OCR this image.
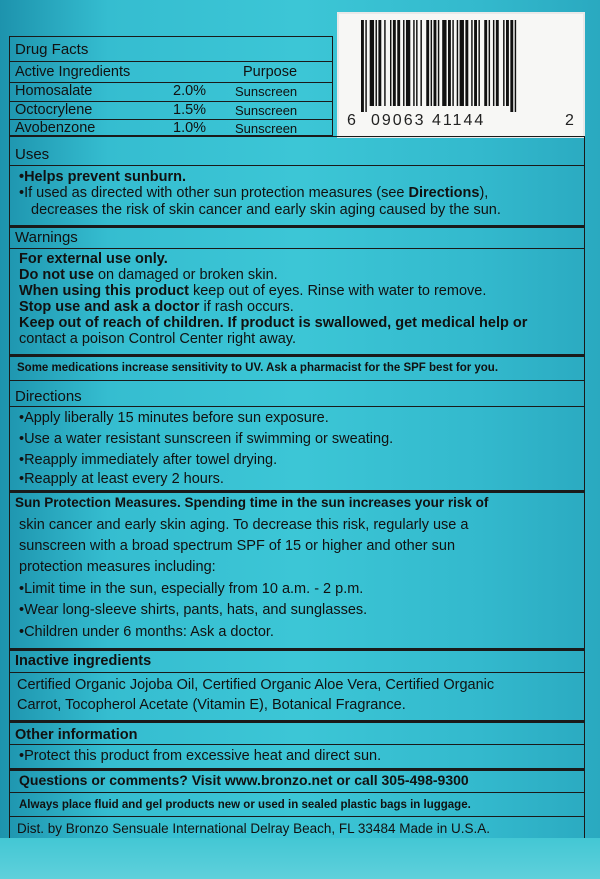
6 09063 41144	2
Drug Facts
Active Ingredients	Purpose
Homosalate	2.0% Sunscreen
Octocrylene	1.5% Sunscreen
Avobenzone	1.0% Sunscreen
Uses
•Helps prevent sunburn.
•If used as directed with other sun protection measures (see Directions),
decreases the risk of skin cancer and early skin aging caused by the sun.
Warnings
For external use only.
Do not use on damaged or broken skin.
When using this product keep out of eyes. Rinse with water to remove.
Stop use and ask a doctor if rash occurs.
Keep out of reach of children. If product is swallowed, get medical help or
contact a poison Control Center right away.
Some medications increase sensitivity to UV. Ask a pharmacist for the SPF best for you.
Directions
•Apply liberally 15 minutes before sun exposure.
•Use a water resistant sunscreen if swimming or sweating.
•Reapply immediately after towel drying.
•Reapply at least every 2 hours.
Sun Protection Measures. Spending time in the sun increases your risk of
skin cancer and early skin aging. To decrease this risk, regularly use a
sunscreen with a broad spectrum SPF of 15 or higher and other sun
protection measures including:
•Limit time in the sun, especially from 10 a.m. - 2 p.m.
•Wear long-sleeve shirts, pants, hats, and sunglasses.
•Children under 6 months: Ask a doctor.
Inactive ingredients
Certified Organic Jojoba Oil, Certified Organic Aloe Vera, Certified Organic
Carrot, Tocopherol Acetate (Vitamin E), Botanical Fragrance.
Other information
•Protect this product from excessive heat and direct sun.
Questions or comments? Visit www.bronzo.net or call 305-498-9300
Always place fluid and gel products new or used in sealed plastic bags in luggage.
Dist. by Bronzo Sensuale International Delray Beach, FL 33484 Made in U.S.A.
